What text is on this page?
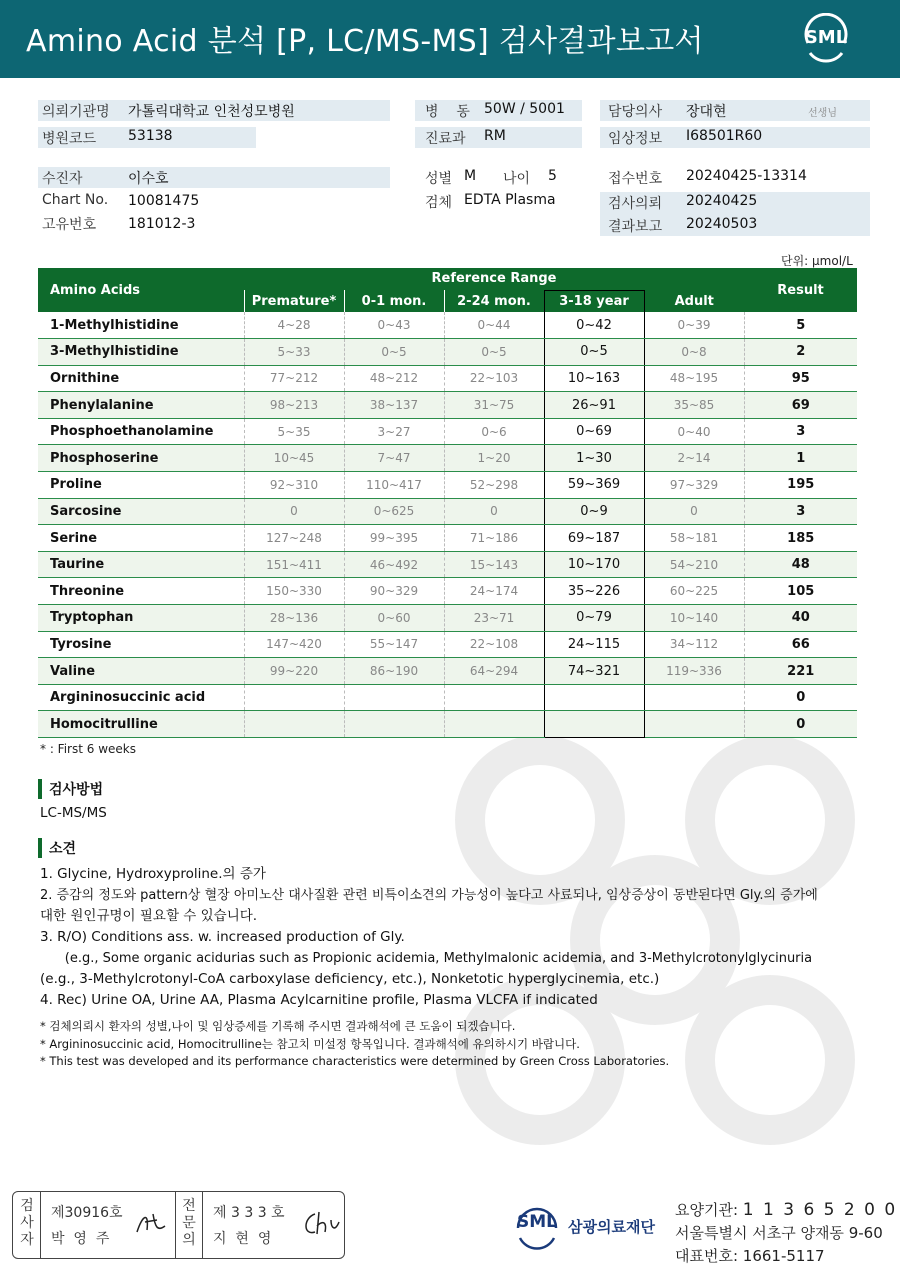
Amino Acid 분석 [P, LC/MS-MS] 검사결과보고서	SML
의뢰기관명 가톨릭대학교 인천성모병원
병원코드 53138
병    동 50W / 5001
진료과 RM
담당의사 장대현	선생님
임상정보 I68501R60
수진자	이수호
Chart No. 10081475
고유번호 181012-3
성별 M 나이 5
검체 EDTA Plasma
접수번호 20240425-13314
검사의뢰 20240425
결과보고 20240503
단위: μmol/L
Amino Acids	Reference Range					Result
	Premature*	0-1 mon.	2-24 mon.	3-18 year	Adult	
1-Methylhistidine	4~28	0~43	0~44	0~42	0~39	5
3-Methylhistidine	5~33	0~5	0~5	0~5	0~8	2
Ornithine	77~212	48~212	22~103	10~163	48~195	95
Phenylalanine	98~213	38~137	31~75	26~91	35~85	69
Phosphoethanolamine	5~35	3~27	0~6	0~69	0~40	3
Phosphoserine	10~45	7~47	1~20	1~30	2~14	1
Proline	92~310	110~417	52~298	59~369	97~329	195
Sarcosine	0	0~625	0	0~9	0	3
Serine	127~248	99~395	71~186	69~187	58~181	185
Taurine	151~411	46~492	15~143	10~170	54~210	48
Threonine	150~330	90~329	24~174	35~226	60~225	105
Tryptophan	28~136	0~60	23~71	0~79	10~140	40
Tyrosine	147~420	55~147	22~108	24~115	34~112	66
Valine	99~220	86~190	64~294	74~321	119~336	221
Argininosuccinic acid						0
Homocitrulline						0
* : First 6 weeks
검사방법
LC-MS/MS
소견
1. Glycine, Hydroxyproline.의 증가
2. 증감의 정도와 pattern상 혈장 아미노산 대사질환 관련 비특이소견의 가능성이 높다고 사료되나, 임상증상이 동반된다면 Gly.의 증가에
대한 원인규명이 필요할 수 있습니다.
3. R/O) Conditions ass. w. increased production of Gly.
(e.g., Some organic acidurias such as Propionic acidemia, Methylmalonic acidemia, and 3-Methylcrotonylglycinuria
(e.g., 3-Methylcrotonyl-CoA carboxylase deficiency, etc.), Nonketotic hyperglycinemia, etc.)
4. Rec) Urine OA, Urine AA, Plasma Acylcarnitine profile, Plasma VLCFA if indicated
* 검체의뢰시 환자의 성별,나이 및 임상증세를 기록해 주시면 결과해석에 큰 도움이 되겠습니다.
* Argininosuccinic acid, Homocitrulline는 참고치 미설정 항목입니다. 결과해석에 유의하시기 바랍니다.
* This test was developed and its performance characteristics were determined by Green Cross Laboratories.
검
사
자
전
문
의
제30916호
박  영  주
제 3 3 3 호
지  현  영
SML 삼광의료재단
요양기관: 1 1 3 6 5 2 0 0
서울특별시 서초구 양재동 9-60
대표번호: 1661-5117
